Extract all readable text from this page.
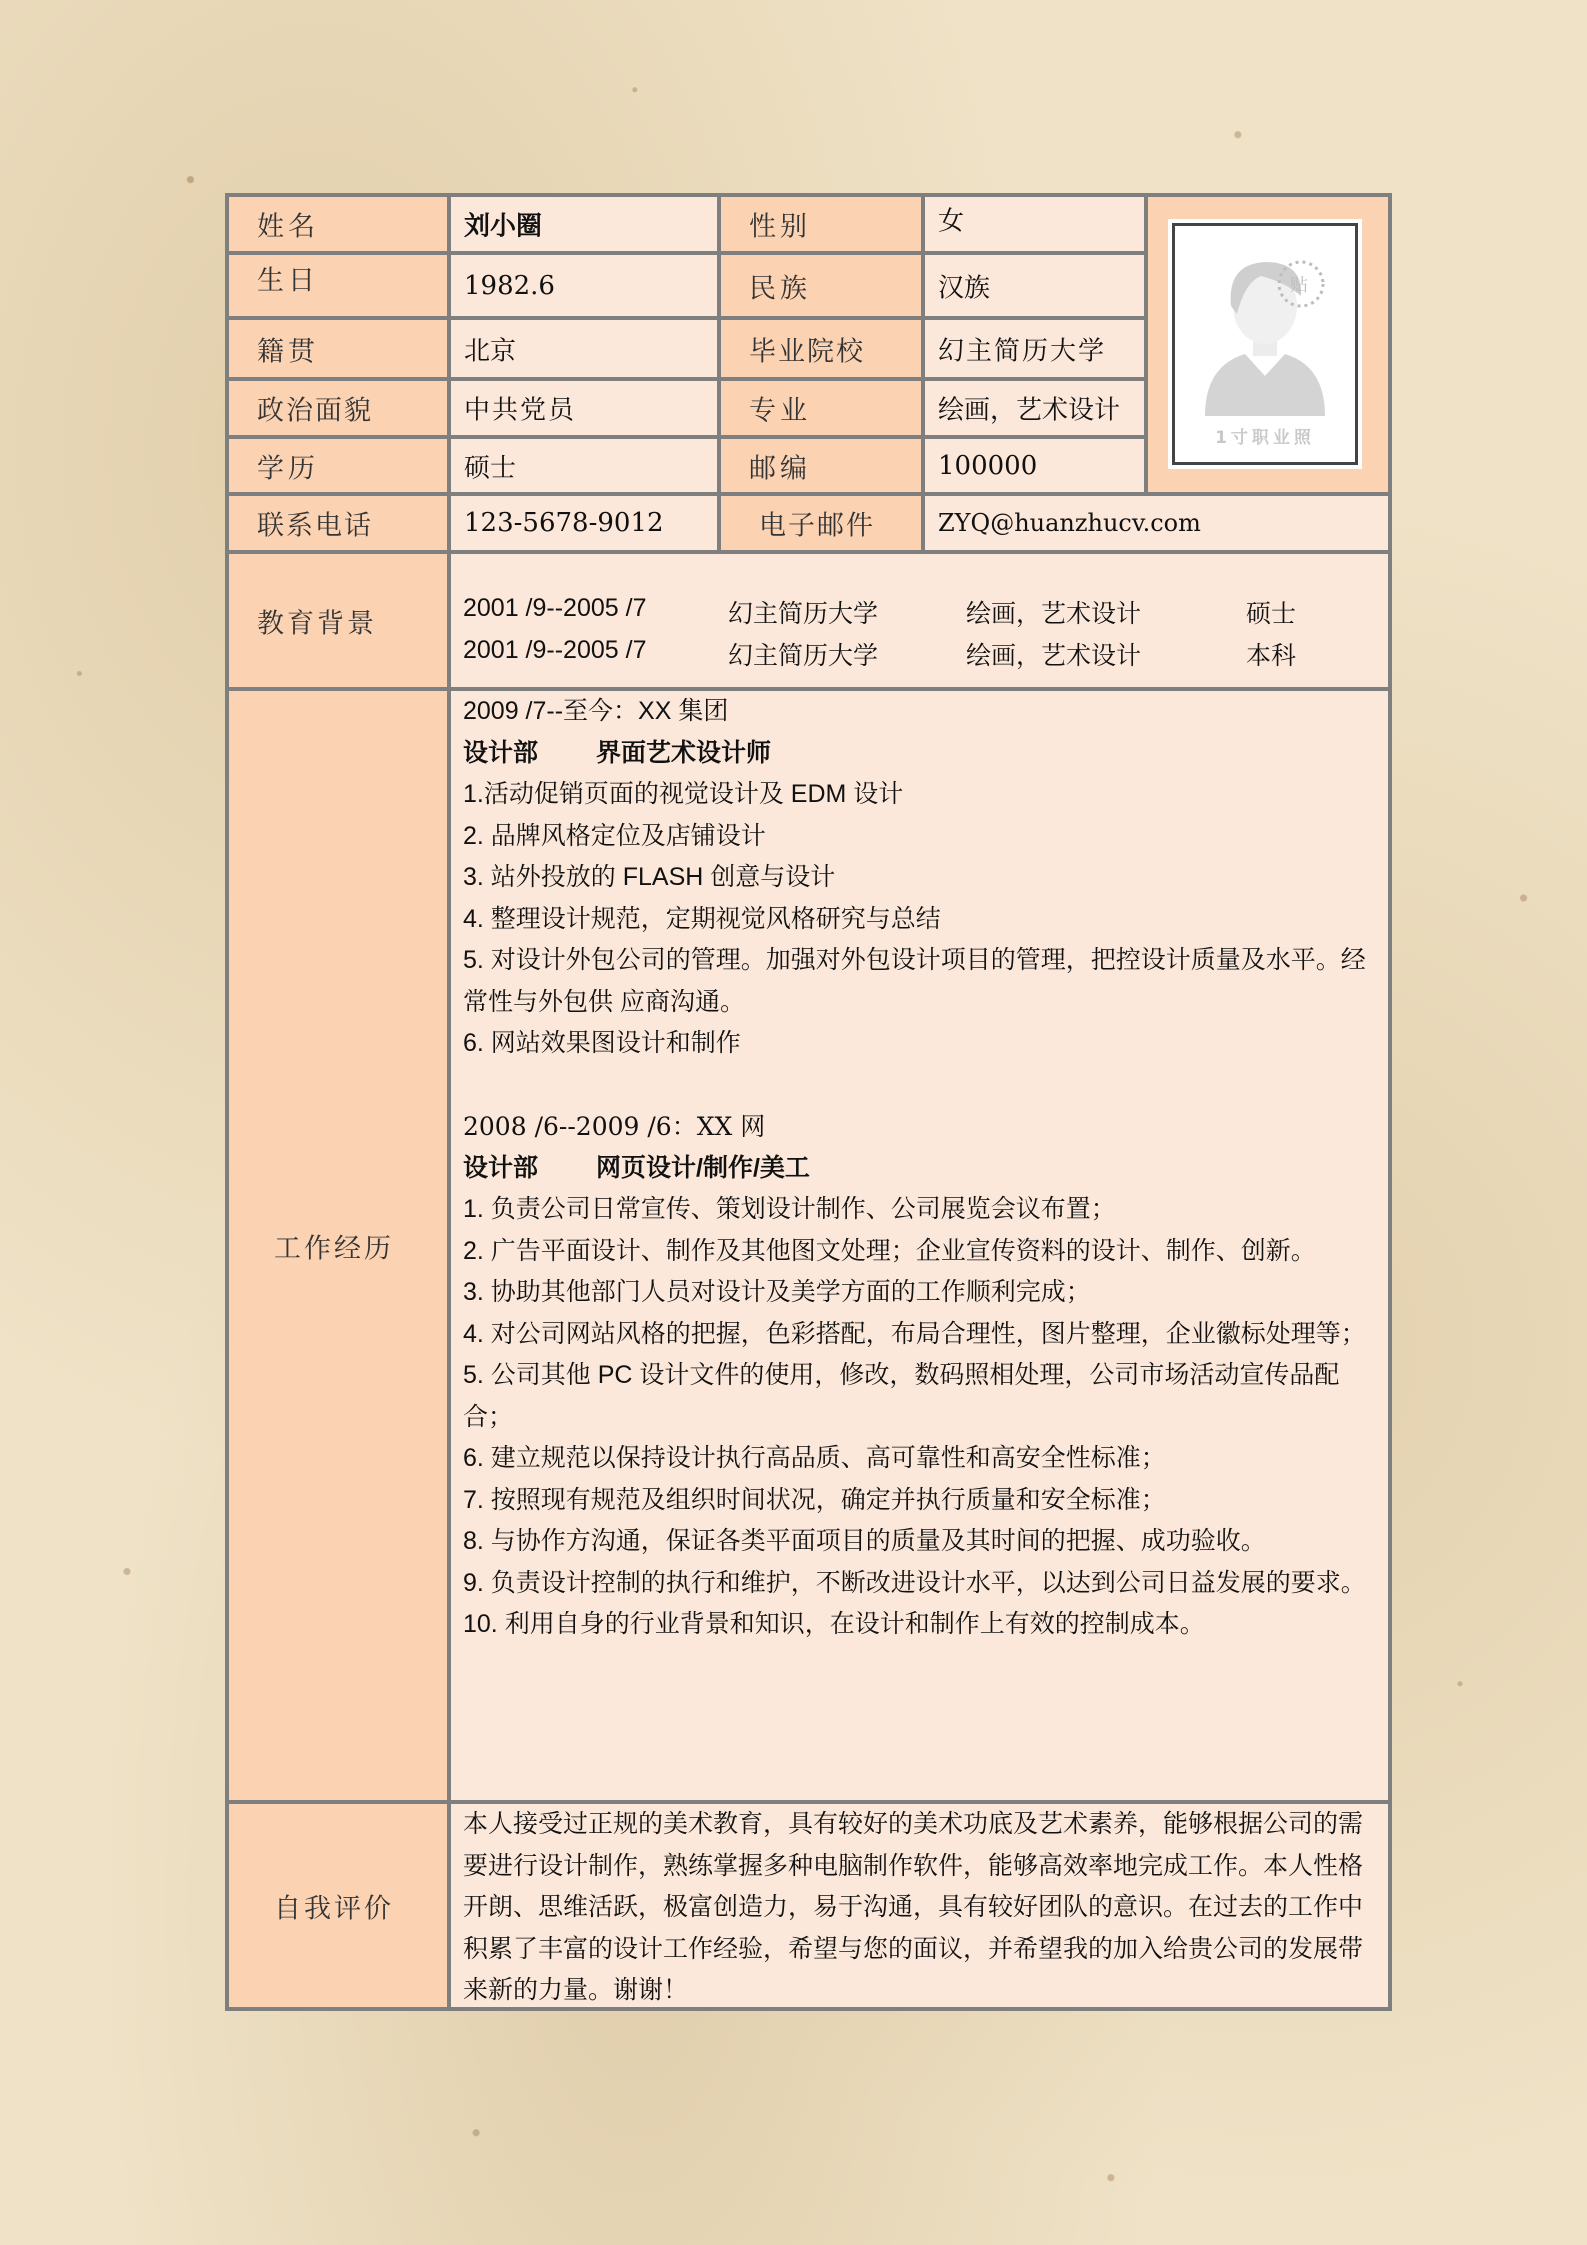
姓名	刘小圈	性别	女
生日	1982.6	民族	汉族
籍贯	北京	毕业院校	幻主简历大学
政治面貌	中共党员	专业	绘画，艺术设计
学历	硕士	邮编	100000
贴
1寸职业照
联系电话	123-5678-9012	电子邮件	ZYQ@huanzhucv.com
教育背景	2001 /9--2005 /7	幻主简历大学	绘画，艺术设计	硕士
2001 /9--2005 /7	幻主简历大学	绘画，艺术设计	本科
工作经历
2009 /7--至今：XX 集团
设计部 界面艺术设计师
1.活动促销页面的视觉设计及 EDM 设计
2. 品牌风格定位及店铺设计
3. 站外投放的 FLASH 创意与设计
4. 整理设计规范，定期视觉风格研究与总结
5. 对设计外包公司的管理。加强对外包设计项目的管理，把控设计质量及水平。经常性与外包供 应商沟通。
6. 网站效果图设计和制作
2008 /6--2009 /6：XX 网
设计部 网页设计/制作/美工
1. 负责公司日常宣传、策划设计制作、公司展览会议布置；
2. 广告平面设计、制作及其他图文处理；企业宣传资料的设计、制作、创新。
3. 协助其他部门人员对设计及美学方面的工作顺利完成；
4. 对公司网站风格的把握，色彩搭配，布局合理性，图片整理，企业徽标处理等；
5. 公司其他 PC 设计文件的使用，修改，数码照相处理，公司市场活动宣传品配合；
6. 建立规范以保持设计执行高品质、高可靠性和高安全性标准；
7. 按照现有规范及组织时间状况，确定并执行质量和安全标准；
8. 与协作方沟通，保证各类平面项目的质量及其时间的把握、成功验收。
9. 负责设计控制的执行和维护，不断改进设计水平，以达到公司日益发展的要求。
10. 利用自身的行业背景和知识，在设计和制作上有效的控制成本。
自我评价
本人接受过正规的美术教育，具有较好的美术功底及艺术素养，能够根据公司的需要进行设计制作，熟练掌握多种电脑制作软件，能够高效率地完成工作。本人性格开朗、思维活跃，极富创造力，易于沟通，具有较好团队的意识。在过去的工作中积累了丰富的设计工作经验，希望与您的面议，并希望我的加入给贵公司的发展带来新的力量。谢谢！
